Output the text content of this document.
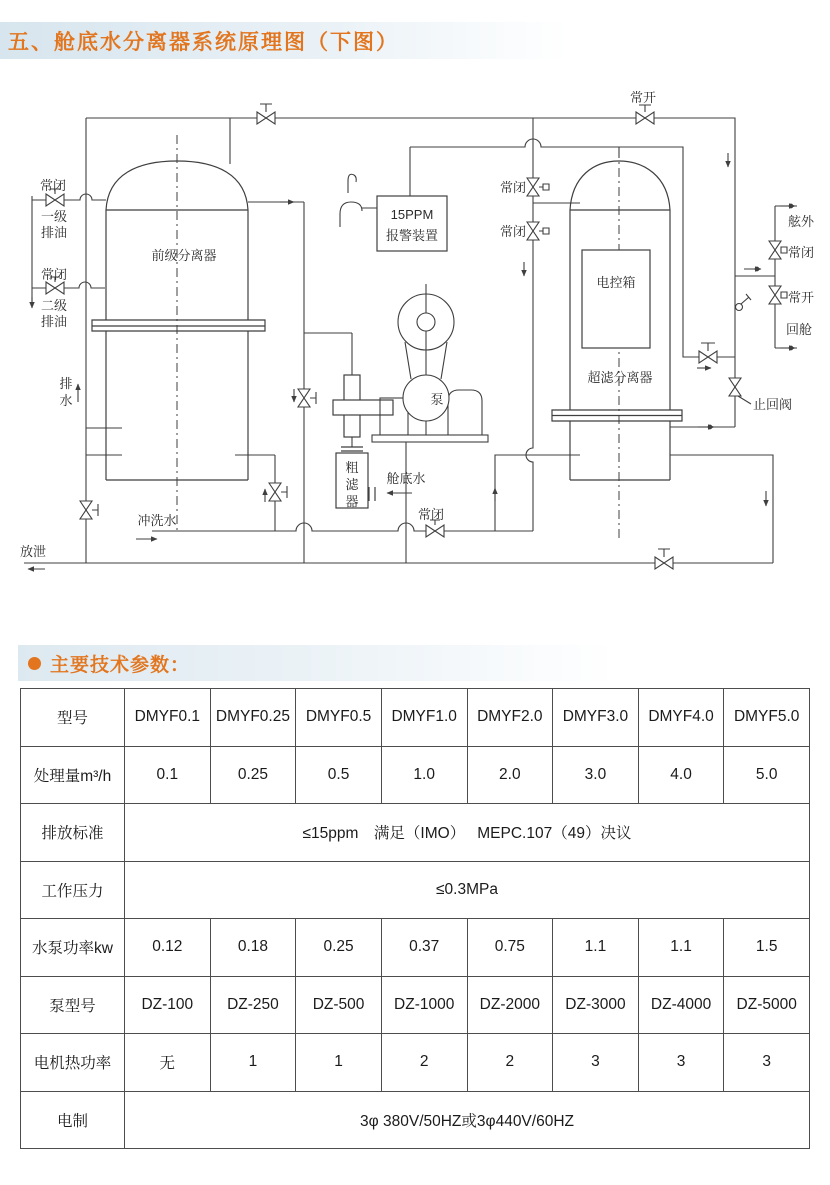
常闭
一级
排油
常闭
二级
排油
排
水
前级分离器
15PPM
报警装置
常闭
常闭
常开
泵
粗
滤
器
舱底水
常闭
冲洗水
放泄
超滤分离器
电控箱
舷外
常闭
常开
回舱
止回阀
五、舱底水分离器系统原理图（下图）
主要技术参数：
型号	DMYF0.1	DMYF0.25	DMYF0.5	DMYF1.0	DMYF2.0	DMYF3.0	DMYF4.0	DMYF5.0
处理量m³/h	0.1	0.25	0.5	1.0	2.0	3.0	4.0	5.0
排放标准	≤15ppm　满足（IMO）　 MEPC.107（49）决议							
工作压力	≤0.3MPa							
水泵功率kw	0.12	0.18	0.25	0.37	0.75	1.1	1.1	1.5
泵型号	DZ-100	DZ-250	DZ-500	DZ-1000	DZ-2000	DZ-3000	DZ-4000	DZ-5000
电机热功率	无	1	1	2	2	3	3	3
电制	3φ 380V/50HZ或3φ440V/60HZ							
